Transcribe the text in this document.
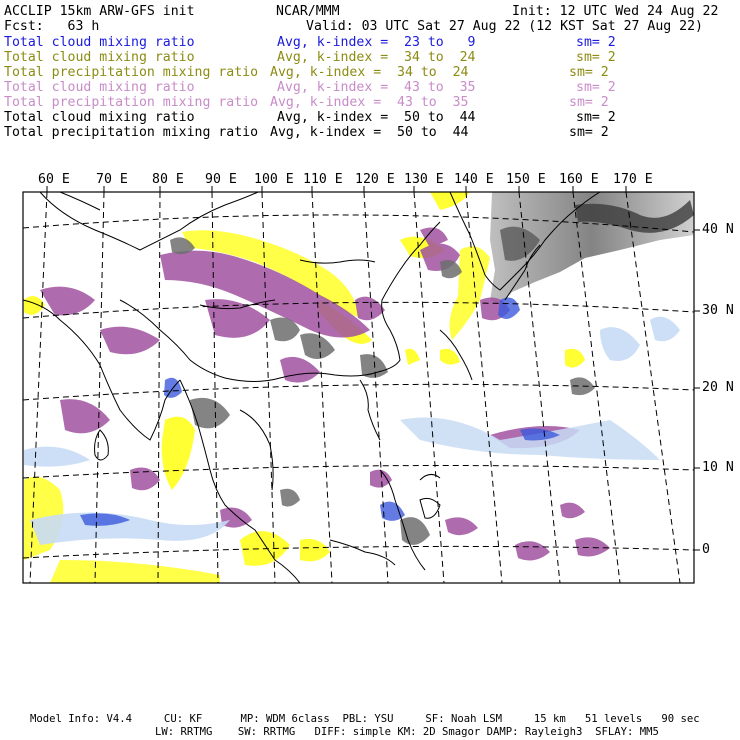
ACCLIP 15km ARW-GFS init	NCAR/MMM	Init: 12 UTC Wed 24 Aug 22
Fcst:   63 h	Valid: 03 UTC Sat 27 Aug 22 (12 KST Sat 27 Aug 22)
Total cloud mixing ratio	Avg, k-index =  23 to   9	sm= 2
Total cloud mixing ratio	Avg, k-index =  34 to  24	sm= 2
Total precipitation mixing ratio Avg, k-index =  34 to  24	sm= 2
Total cloud mixing ratio	Avg, k-index =  43 to  35	sm= 2
Total precipitation mixing ratio Avg, k-index =  43 to  35	sm= 2
Total cloud mixing ratio	Avg, k-index =  50 to  44	sm= 2
Total precipitation mixing ratio Avg, k-index =  50 to  44	sm= 2
60 E 70 E 80 E 90 E 100 E 110 E 120 E 130 E 140 E 150 E 160 E 170 E
40 N
30 N
20 N
10 N
0
Model Info: V4.4     CU: KF      MP: WDM 6class  PBL: YSU     SF: Noah LSM     15 km   51 levels   90 sec
LW: RRTMG    SW: RRTMG   DIFF: simple KM: 2D Smagor DAMP: Rayleigh3  SFLAY: MM5
